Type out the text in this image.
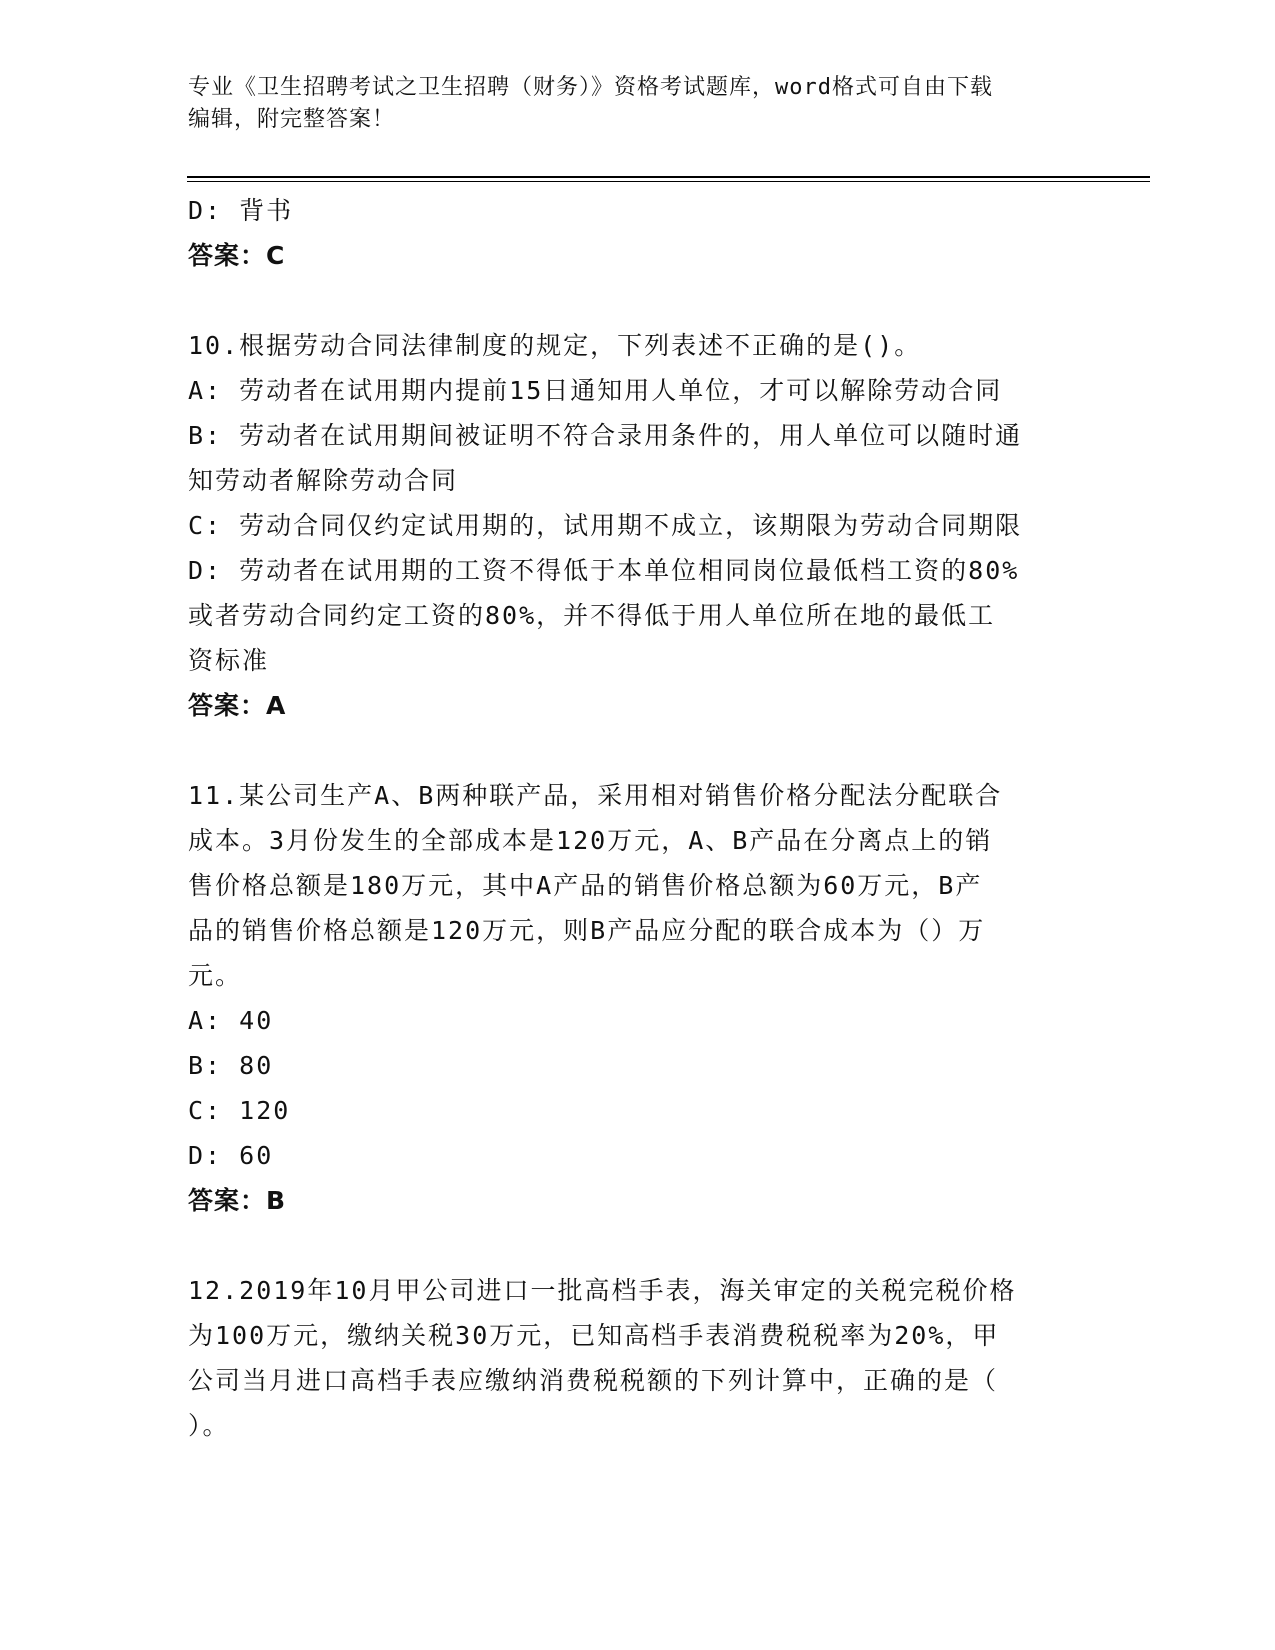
专业《卫生招聘考试之卫生招聘（财务）》资格考试题库，word格式可自由下载
编辑，附完整答案！
D: 背书
答案：C
10.根据劳动合同法律制度的规定，下列表述不正确的是()。
A: 劳动者在试用期内提前15日通知用人单位，才可以解除劳动合同
B: 劳动者在试用期间被证明不符合录用条件的，用人单位可以随时通
知劳动者解除劳动合同
C: 劳动合同仅约定试用期的，试用期不成立，该期限为劳动合同期限
D: 劳动者在试用期的工资不得低于本单位相同岗位最低档工资的80%
或者劳动合同约定工资的80%，并不得低于用人单位所在地的最低工
资标准
答案：A
11.某公司生产A、B两种联产品，采用相对销售价格分配法分配联合
成本。3月份发生的全部成本是120万元，A、B产品在分离点上的销
售价格总额是180万元，其中A产品的销售价格总额为60万元，B产
品的销售价格总额是120万元，则B产品应分配的联合成本为（）万
元。
A: 40
B: 80
C: 120
D: 60
答案：B
12.2019年10月甲公司进口一批高档手表，海关审定的关税完税价格
为100万元，缴纳关税30万元，已知高档手表消费税税率为20%，甲
公司当月进口高档手表应缴纳消费税税额的下列计算中，正确的是（
）。
